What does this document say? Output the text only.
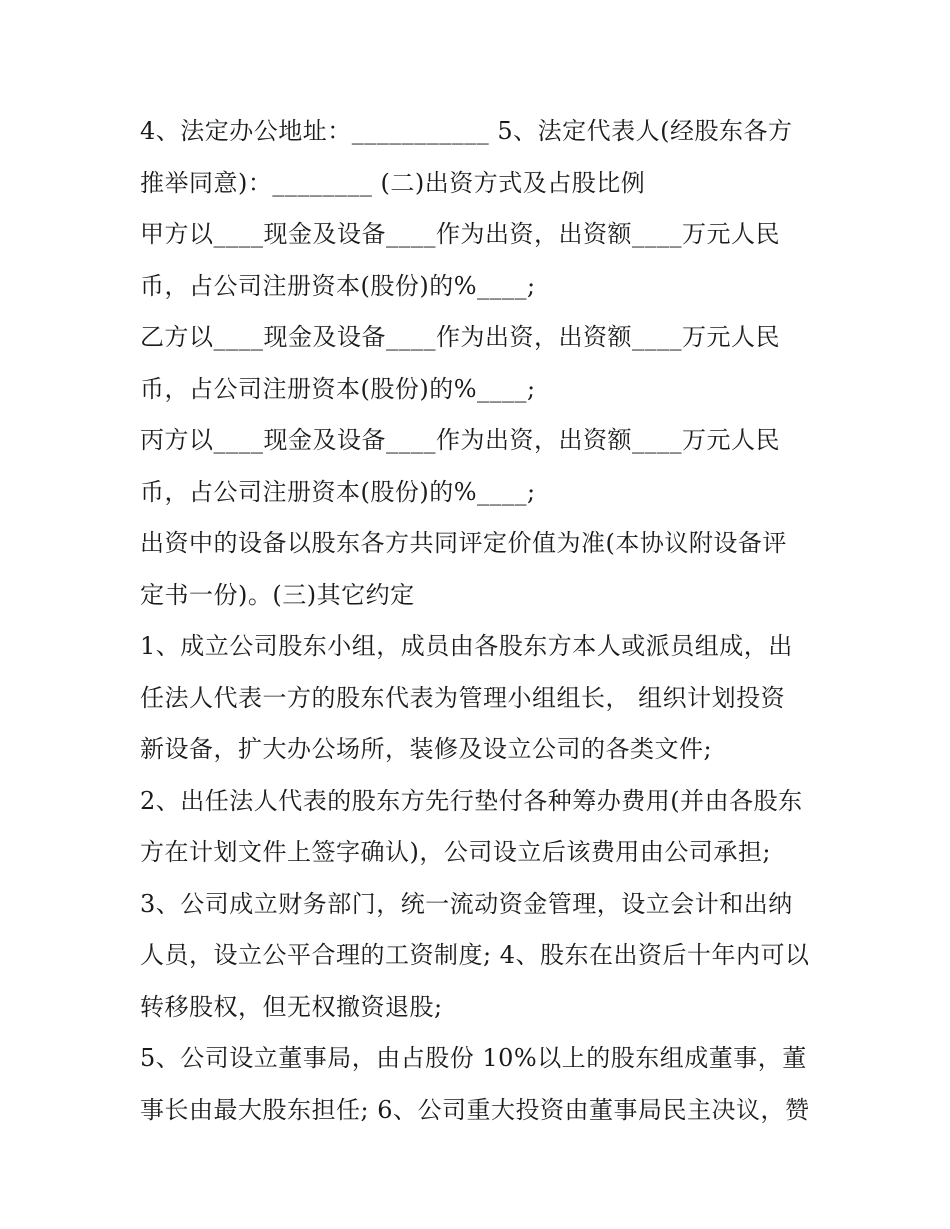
4、法定办公地址：___________ 5、法定代表人(经股东各方
推举同意)：________ (二)出资方式及占股比例
甲方以____现金及设备____作为出资，出资额____万元人民
币，占公司注册资本(股份)的%____;
乙方以____现金及设备____作为出资，出资额____万元人民
币，占公司注册资本(股份)的%____;
丙方以____现金及设备____作为出资，出资额____万元人民
币，占公司注册资本(股份)的%____;
出资中的设备以股东各方共同评定价值为准(本协议附设备评
定书一份)。(三)其它约定
1、成立公司股东小组，成员由各股东方本人或派员组成，出
任法人代表一方的股东代表为管理小组组长， 组织计划投资
新设备，扩大办公场所，装修及设立公司的各类文件;
2、出任法人代表的股东方先行垫付各种筹办费用(并由各股东
方在计划文件上签字确认)，公司设立后该费用由公司承担;
3、公司成立财务部门，统一流动资金管理，设立会计和出纳
人员，设立公平合理的工资制度; 4、股东在出资后十年内可以
转移股权，但无权撤资退股;
5、公司设立董事局，由占股份 10%以上的股东组成董事，董
事长由最大股东担任; 6、公司重大投资由董事局民主决议，赞
